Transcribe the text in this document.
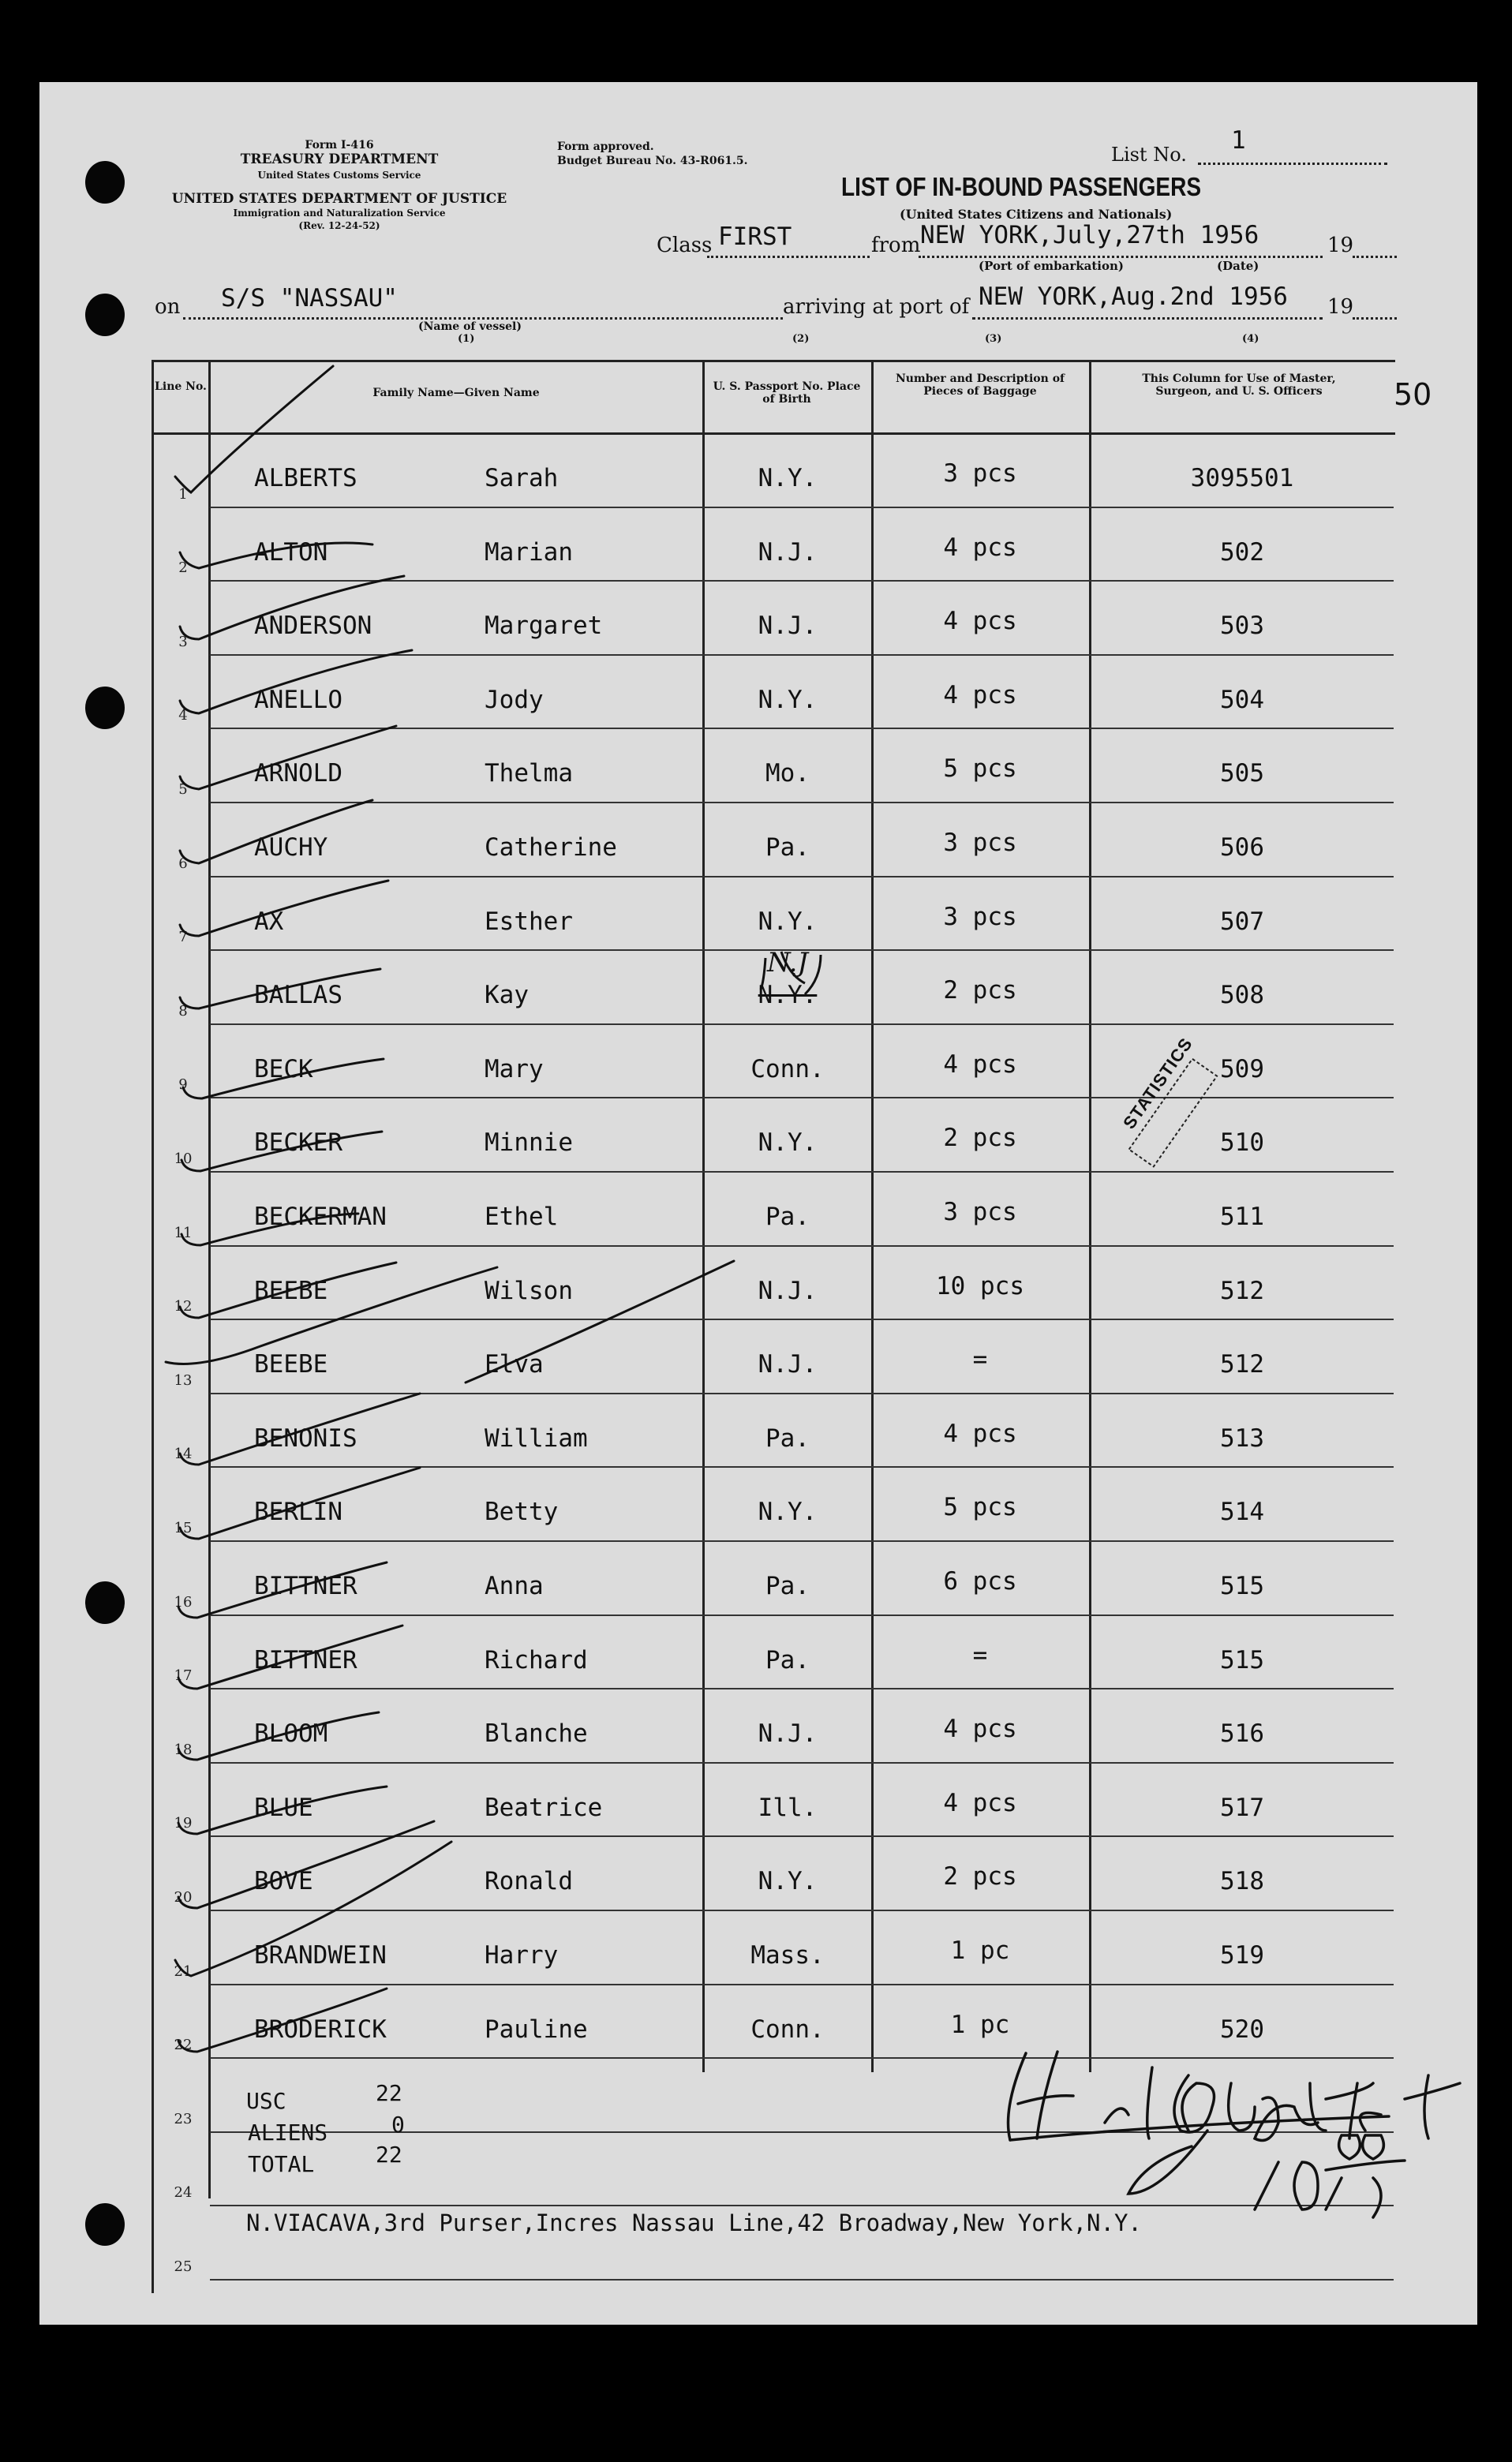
Form I-416
TREASURY DEPARTMENT
United States Customs Service
UNITED STATES DEPARTMENT OF JUSTICE
Immigration and Naturalization Service
(Rev. 12-24-52)
Form approved.
Budget Bureau No. 43-R061.5.	List No. 1
LIST OF IN-BOUND PASSENGERS
(United States Citizens and Nationals)
Class FIRST	from NEW YORK,July,27th 1956	19
(Port of embarkation)	(Date)
on S/S "NASSAU"	arriving at port of NEW YORK,Aug.2nd 1956 19
(Name of vessel)
(1)	(2)	(3)	(4)
50
Line No.	Family Name—Given Name	U. S. Passport No. Place of Birth
Number and Description of Pieces of Baggage
This Column for Use of Master, Surgeon, and U. S. Officers
1
ALBERTS	Sarah	N.Y.	3 pcs	3095501
2
ALTON	Marian	N.J.	4 pcs	502
3
ANDERSON	Margaret	N.J.	4 pcs	503
4
ANELLO	Jody	N.Y.	4 pcs	504
5
ARNOLD	Thelma	Mo.	5 pcs	505
6
AUCHY	Catherine	Pa.	3 pcs	506
7
AX	Esther	N.Y.	3 pcs	507
8
BALLAS	Kay	N.Y.	2 pcs	508
9
BECK	Mary	Conn.	4 pcs	509
10
BECKER	Minnie	N.Y.	2 pcs	510
11
BECKERMAN	Ethel	Pa.	3 pcs	511
12
BEEBE	Wilson	N.J.	10 pcs	512
13
BEEBE	Elva	N.J.	=	512
14
BENONIS	William	Pa.	4 pcs	513
15
BERLIN	Betty	N.Y.	5 pcs	514
16
BITTNER	Anna	Pa.	6 pcs	515
17
BITTNER	Richard	Pa.	=	515
18
BLOOM	Blanche	N.J.	4 pcs	516
19
BLUE	Beatrice	Ill.	4 pcs	517
20
BOVE	Ronald	N.Y.	2 pcs	518
21
BRANDWEIN	Harry	Mass.	1 pc	519
22
BRODERICK	Pauline	Conn.	1 pc	520
23
24
25
STATISTICS
N.J
USC	22
ALIENS	0
TOTAL	22
N.VIACAVA,3rd Purser,Incres Nassau Line,42 Broadway,New York,N.Y.
